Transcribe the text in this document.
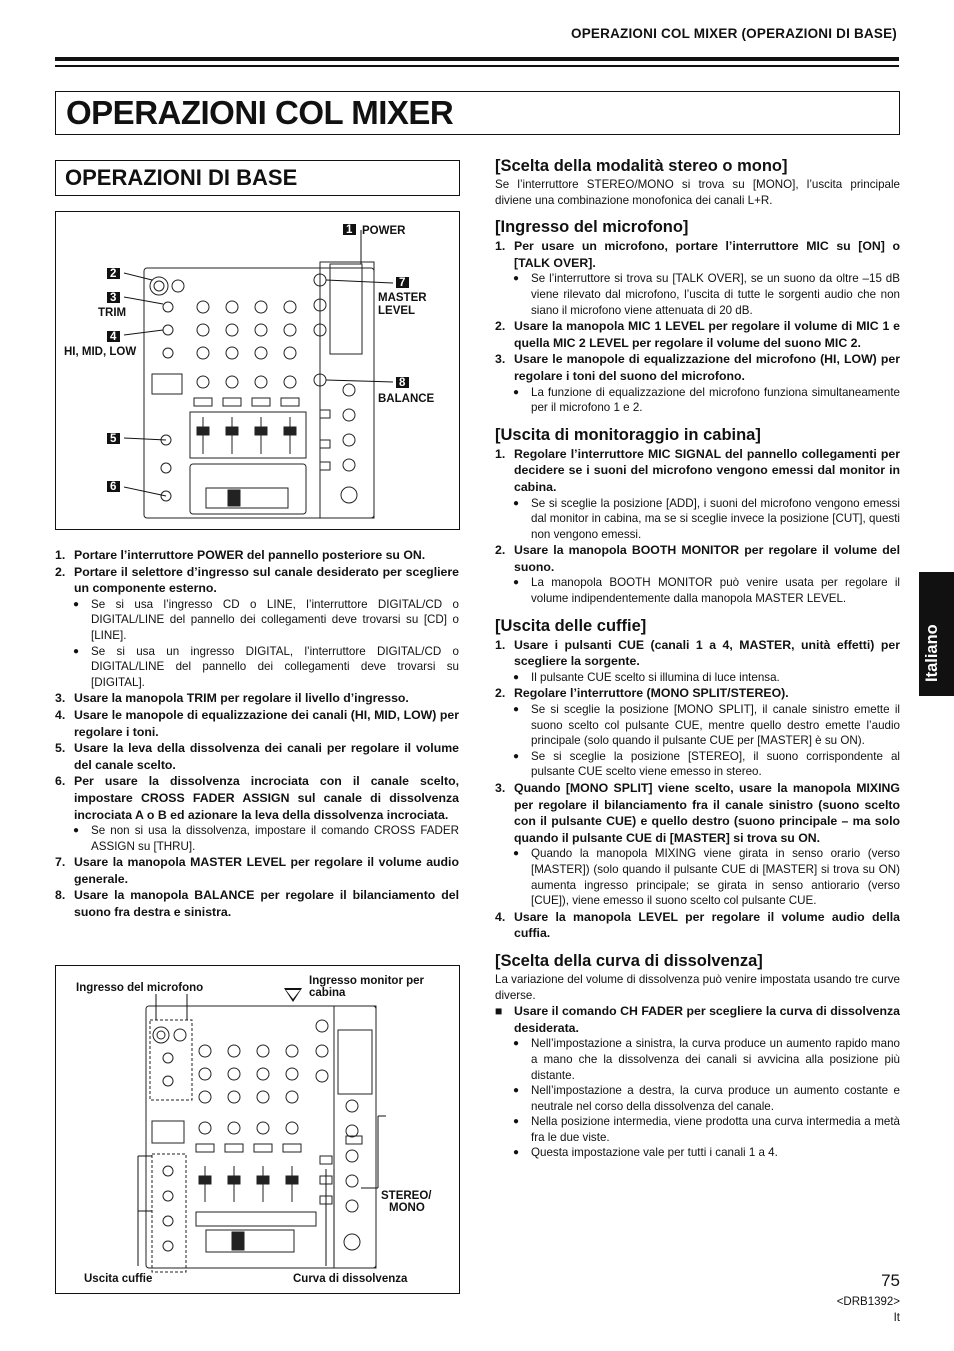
OPERAZIONI COL MIXER (OPERAZIONI DI BASE)
OPERAZIONI COL MIXER
OPERAZIONI DI BASE
1
2
3
4
5
6
7
8
POWER
TRIM
HI, MID, LOW
MASTER
LEVEL
BALANCE
1. Portare l’interruttore POWER del pannello posteriore su ON.
2. Portare il selettore d’ingresso sul canale desiderato per scegliere un componente esterno.
●	Se si usa l’ingresso CD o LINE, l’interruttore DIGITAL/CD o DIGITAL/LINE del pannello dei collegamenti deve trovarsi su [CD] o [LINE].
●	Se si usa un ingresso DIGITAL, l’interruttore DIGITAL/CD o DIGITAL/LINE del pannello dei collegamenti deve trovarsi su [DIGITAL].
3. Usare la manopola TRIM per regolare il livello d’ingresso.
4. Usare le manopole di equalizzazione dei canali (HI, MID, LOW) per regolare i toni.
5. Usare la leva della dissolvenza dei canali per regolare il volume del canale scelto.
6. Per usare la dissolvenza incrociata con il canale scelto, impostare CROSS FADER ASSIGN sul canale di dissolvenza incrociata A o B ed azionare la leva della dissolvenza incrociata.
●	Se non si usa la dissolvenza, impostare il comando CROSS FADER ASSIGN su [THRU].
7. Usare la manopola MASTER LEVEL per regolare il volume audio generale.
8. Usare la manopola BALANCE per regolare il bilanciamento del suono fra destra e sinistra.
Ingresso del microfono
Ingresso monitor per
cabina
STEREO/
MONO
Uscita cuffie	Curva di dissolvenza
[Scelta della modalità stereo o mono]
Se l’interruttore STEREO/MONO si trova su [MONO], l’uscita principale diviene una combinazione monofonica dei canali L+R.
[Ingresso del microfono]
1. Per usare un microfono, portare l’interruttore MIC su [ON] o [TALK OVER].
●	Se l’interruttore si trova su [TALK OVER], se un suono da oltre –15 dB viene rilevato dal microfono, l’uscita di tutte le sorgenti audio che non siano il microfono viene attenuata di 20 dB.
2. Usare la manopola MIC 1 LEVEL per regolare il volume di MIC 1 e quella MIC 2 LEVEL per regolare il volume del suono MIC 2.
3. Usare le manopole di equalizzazione del microfono (HI, LOW) per regolare i toni del suono del microfono.
●	La funzione di equalizzazione del microfono funziona simultaneamente per il microfono 1 e 2.
[Uscita di monitoraggio in cabina]
1. Regolare l’interruttore MIC SIGNAL del pannello collegamenti per decidere se i suoni del microfono vengono emessi dal monitor in cabina.
●	Se si sceglie la posizione [ADD], i suoni del microfono vengono emessi dal monitor in cabina, ma se si sceglie invece la posizione [CUT], questi non vengono emessi.
2. Usare la manopola BOOTH MONITOR per regolare il volume del suono.
●	La manopola BOOTH MONITOR può venire usata per regolare il volume indipendentemente dalla manopola MASTER LEVEL.
[Uscita delle cuffie]
1. Usare i pulsanti CUE (canali 1 a 4, MASTER, unità effetti) per scegliere la sorgente.
●	Il pulsante CUE scelto si illumina di luce intensa.
2. Regolare l’interruttore (MONO SPLIT/STEREO).
●	Se si sceglie la posizione [MONO SPLIT], il canale sinistro emette il suono scelto col pulsante CUE, mentre quello destro emette l’audio principale (solo quando il pulsante CUE per [MASTER] è su ON).
●	Se si sceglie la posizione [STEREO], il suono corrispondente al pulsante CUE scelto viene emesso in stereo.
3. Quando [MONO SPLIT] viene scelto, usare la manopola MIXING per regolare il bilanciamento fra il canale sinistro (suono scelto con il pulsante CUE) e quello destro (suono principale – ma solo quando il pulsante CUE di [MASTER] si trova su ON.
●	Quando la manopola MIXING viene girata in senso orario (verso [MASTER]) (solo quando il pulsante CUE di [MASTER] si trova su ON) aumenta ingresso principale; se girata in senso antiorario (verso [CUE]), viene emesso il suono scelto col pulsante CUE.
4. Usare la manopola LEVEL per regolare il volume audio della cuffia.
[Scelta della curva di dissolvenza]
La variazione del volume di dissolvenza può venire impostata usando tre curve diverse.
■ Usare il comando CH FADER per scegliere la curva di dissolvenza desiderata.
●	Nell’impostazione a sinistra, la curva produce un aumento rapido mano a mano che la dissolvenza dei canali si avvicina alla posizione più distante.
●	Nell’impostazione a destra, la curva produce un aumento costante e neutrale nel corso della dissolvenza del canale.
●	Nella posizione intermedia, viene prodotta una curva intermedia a metà fra le due viste.
●	Questa impostazione vale per tutti i canali 1 a 4.
Italiano
75
<DRB1392>
It
